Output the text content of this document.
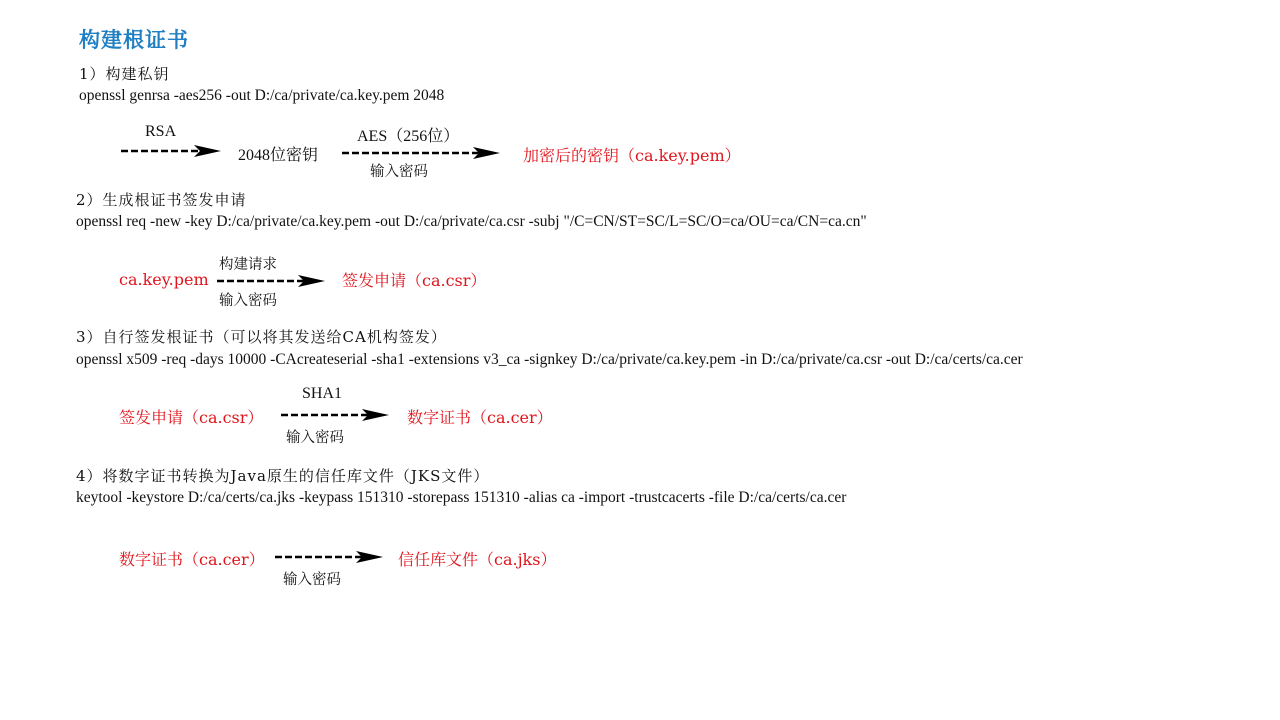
构建根证书
1）构建私钥
openssl genrsa -aes256 -out D:/ca/private/ca.key.pem 2048
RSA
2048位密钥
AES（256位）
输入密码
加密后的密钥（ca.key.pem）
2）生成根证书签发申请
openssl req -new -key D:/ca/private/ca.key.pem -out D:/ca/private/ca.csr -subj "/C=CN/ST=SC/L=SC/O=ca/OU=ca/CN=ca.cn"
ca.key.pem
构建请求
输入密码
签发申请（ca.csr）
3）自行签发根证书（可以将其发送给CA机构签发）
openssl x509 -req -days 10000 -CAcreateserial -sha1 -extensions v3_ca -signkey D:/ca/private/ca.key.pem -in D:/ca/private/ca.csr -out D:/ca/certs/ca.cer
签发申请（ca.csr）
SHA1
输入密码
数字证书（ca.cer）
4）将数字证书转换为Java原生的信任库文件（JKS文件）
keytool -keystore D:/ca/certs/ca.jks -keypass 151310 -storepass 151310 -alias ca -import -trustcacerts -file D:/ca/certs/ca.cer
数字证书（ca.cer）
输入密码
信任库文件（ca.jks）
